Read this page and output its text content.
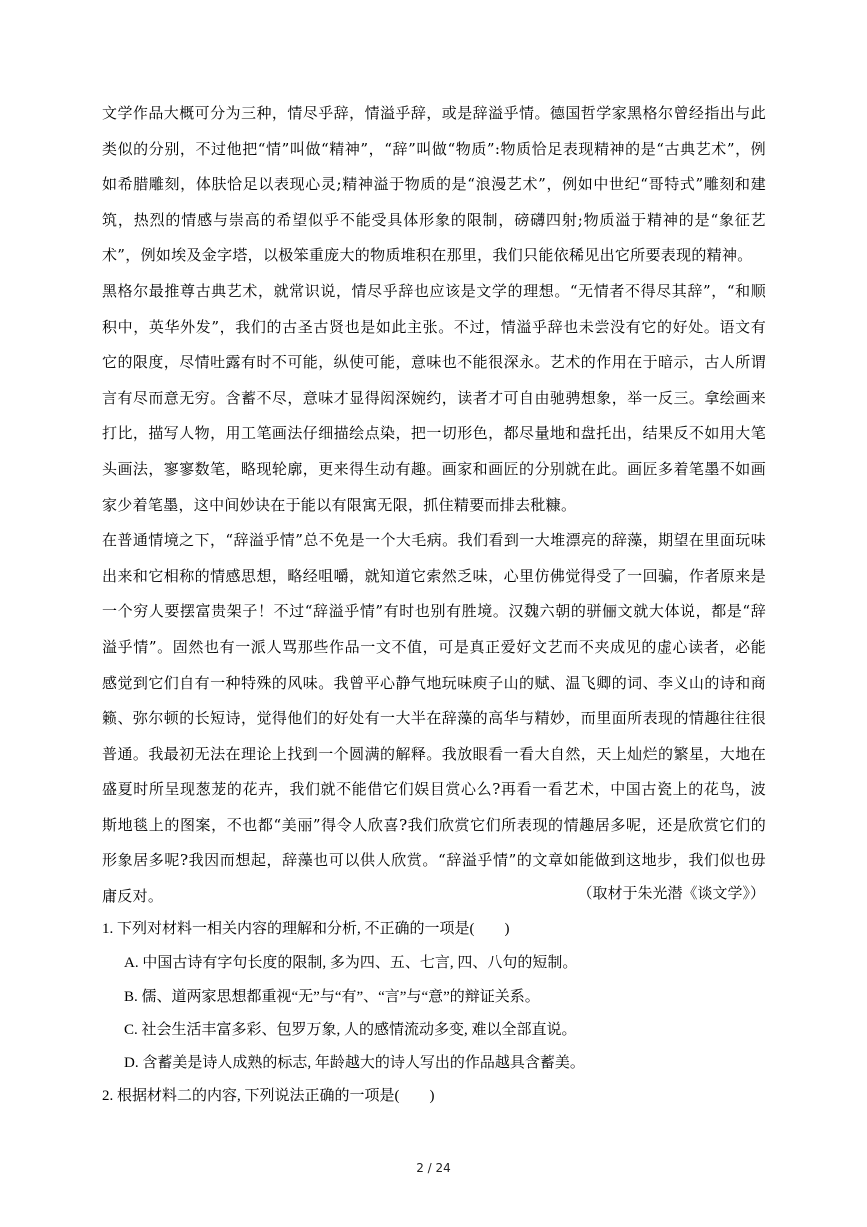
文学作品大概可分为三种，情尽乎辞，情溢乎辞，或是辞溢乎情。德国哲学家黑格尔曾经指出与此类似的分别，不过他把“情”叫做“精神”，“辞”叫做“物质”:物质恰足表现精神的是“古典艺术”，例如希腊雕刻，体肤恰足以表现心灵;精神溢于物质的是“浪漫艺术”，例如中世纪“哥特式”雕刻和建筑，热烈的情感与崇高的希望似乎不能受具体形象的限制，磅礴四射;物质溢于精神的是“象征艺术”，例如埃及金字塔，以极笨重庞大的物质堆积在那里，我们只能依稀见出它所要表现的精神。

黑格尔最推尊古典艺术，就常识说，情尽乎辞也应该是文学的理想。“无情者不得尽其辞”，“和顺积中，英华外发”，我们的古圣古贤也是如此主张。不过，情溢乎辞也未尝没有它的好处。语文有它的限度，尽情吐露有时不可能，纵使可能，意味也不能很深永。艺术的作用在于暗示，古人所谓言有尽而意无穷。含蓄不尽，意味才显得闳深婉约，读者才可自由驰骋想象，举一反三。拿绘画来打比，描写人物，用工笔画法仔细描绘点染，把一切形色，都尽量地和盘托出，结果反不如用大笔头画法，寥寥数笔，略现轮廓，更来得生动有趣。画家和画匠的分别就在此。画匠多着笔墨不如画家少着笔墨，这中间妙诀在于能以有限寓无限，抓住精要而排去秕糠。

在普通情境之下，“辞溢乎情”总不免是一个大毛病。我们看到一大堆漂亮的辞藻，期望在里面玩味出来和它相称的情感思想，略经咀嚼，就知道它索然乏味，心里仿佛觉得受了一回骗，作者原来是一个穷人要摆富贵架子！不过“辞溢乎情”有时也别有胜境。汉魏六朝的骈俪文就大体说，都是“辞溢乎情”。固然也有一派人骂那些作品一文不值，可是真正爱好文艺而不夹成见的虚心读者，必能感觉到它们自有一种特殊的风味。我曾平心静气地玩味庾子山的赋、温飞卿的词、李义山的诗和商籁、弥尔顿的长短诗，觉得他们的好处有一大半在辞藻的高华与精妙，而里面所表现的情趣往往很普通。我最初无法在理论上找到一个圆满的解释。我放眼看一看大自然，天上灿烂的繁星，大地在盛夏时所呈现葱茏的花卉，我们就不能借它们娱目赏心么?再看一看艺术，中国古瓷上的花鸟，波斯地毯上的图案，不也都“美丽”得令人欣喜?我们欣赏它们所表现的情趣居多呢，还是欣赏它们的形象居多呢?我因而想起，辞藻也可以供人欣赏。“辞溢乎情”的文章如能做到这地步，我们似也毋庸反对。	（取材于朱光潜《谈文学》）
1. 下列对材料一相关内容的理解和分析, 不正确的一项是(　　)
A. 中国古诗有字句长度的限制, 多为四、五、七言, 四、八句的短制。
B. 儒、道两家思想都重视“无”与“有”、“言”与“意”的辩证关系。
C. 社会生活丰富多彩、包罗万象, 人的感情流动多变, 难以全部直说。
D. 含蓄美是诗人成熟的标志, 年龄越大的诗人写出的作品越具含蓄美。
2. 根据材料二的内容, 下列说法正确的一项是(　　)
2 / 24
